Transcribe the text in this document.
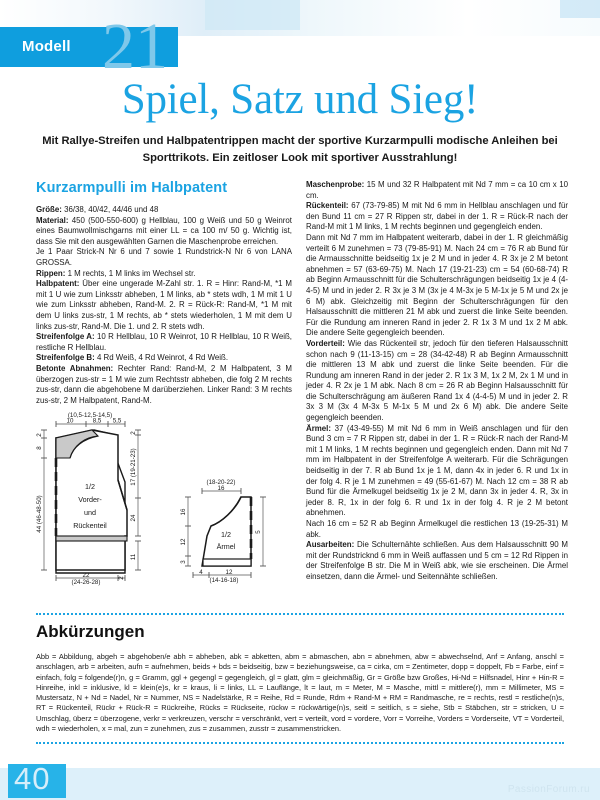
Modell 21
Spiel, Satz und Sieg!
Mit Rallye-Streifen und Halbpatentrippen macht der sportive Kurzarmpulli modische Anleihen bei Sporttrikots. Ein zeitloser Look mit sportiver Ausstrahlung!
Kurzarmpulli im Halbpatent

Größe: 36/38, 40/42, 44/46 und 48

Material: 450 (500-550-600) g Hellblau, 100 g Weiß und 50 g Weinrot eines Baumwollmischgarns mit einer LL = ca 100 m/ 50 g. Wichtig ist, dass Sie mit den ausgewählten Garnen die Maschenprobe erreichen.

Je 1 Paar Strick-N Nr 6 und 7 sowie 1 Rundstrick-N Nr 6 von LANA GROSSA.

Rippen: 1 M rechts, 1 M links im Wechsel str.

Halbpatent: Über eine ungerade M-Zahl str. 1. R = Hinr: Rand-M, *1 M mit 1 U wie zum Linksstr abheben, 1 M links, ab * stets wdh, 1 M mit 1 U wie zum Linksstr abheben, Rand-M. 2. R = Rück-R: Rand-M, *1 M mit dem U links zus-str, 1 M rechts, ab * stets wiederholen, 1 M mit dem U links zus-str, Rand-M. Die 1. und 2. R stets wdh.

Streifenfolge A: 10 R Hellblau, 10 R Weinrot, 10 R Hellblau, 10 R Weiß, restliche R Hellblau.

Streifenfolge B: 4 Rd Weiß, 4 Rd Weinrot, 4 Rd Weiß.

Betonte Abnahmen: Rechter Rand: Rand-M, 2 M Halbpatent, 3 M überzogen zus-str = 1 M wie zum Rechtsstr abheben, die folg 2 M rechts zus-str, dann die abgehobene M darüberziehen. Linker Rand: 3 M rechts zus-str, 2 M Halbpatent, Rand-M.

Maschenprobe: 15 M und 32 R Halbpatent mit Nd 7 mm = ca 10 cm x 10 cm.

Rückenteil: 67 (73-79-85) M mit Nd 6 mm in Hellblau anschlagen und für den Bund 11 cm = 27 R Rippen str, dabei in der 1. R = Rück-R nach der Rand-M mit 1 M links, 1 M rechts beginnen und gegengleich enden.

Dann mit Nd 7 mm im Halbpatent weiterarb, dabei in der 1. R gleichmäßig verteilt 6 M zunehmen = 73 (79-85-91) M. Nach 24 cm = 76 R ab Bund für die Armausschnitte beidseitig 1x je 2 M und in jeder 4. R 3x je 2 M betont abnehmen = 57 (63-69-75) M. Nach 17 (19-21-23) cm = 54 (60-68-74) R ab Beginn Armausschnitt für die Schulterschrägungen beidseitig 1x je 4 (4-4-5) M und in jeder 2. R 3x je 3 M (3x je 4 M-3x je 5 M-1x je 5 M und 2x je 6 M) abk. Gleichzeitig mit Beginn der Schulterschrägungen für den Halsausschnitt die mittleren 21 M abk und zuerst die linke Seite beenden. Für die Rundung am inneren Rand in jeder 2. R 1x 3 M und 1x 2 M abk. Die andere Seite gegengleich beenden.

Vorderteil: Wie das Rückenteil str, jedoch für den tieferen Halsausschnitt schon nach 9 (11-13-15) cm = 28 (34-42-48) R ab Beginn Armausschnitt die mittleren 13 M abk und zuerst die linke Seite beenden. Für die Rundung am inneren Rand in der jeder 2. R 1x 3 M, 1x 2 M, 2x 1 M und in jeder 4. R 2x je 1 M abk. Nach 8 cm = 26 R ab Beginn Halsausschnitt für die Schulterschrägung am äußeren Rand 1x 4 (4-4-5) M und in jeder 2. R 3x 3 M (3x 4 M-3x 5 M-1x 5 M und 2x 6 M) abk. Die andere Seite gegengleich beenden.

Ärmel: 37 (43-49-55) M mit Nd 6 mm in Weiß anschlagen und für den Bund 3 cm = 7 R Rippen str, dabei in der 1. R = Rück-R nach der Rand-M mit 1 M links, 1 M rechts beginnen und gegengleich enden. Dann mit Nd 7 mm im Halbpatent in der Streifenfolge A weiterarb. Für die Schrägungen beidseitig in der 7. R ab Bund 1x je 1 M, dann 4x in jeder 6. R und 1x in der folg 4. R je 1 M zunehmen = 49 (55-61-67) M. Nach 12 cm = 38 R ab Bund für die Ärmelkugel beidseitig 1x je 2 M, dann 3x in jeder 4. R, 3x in jeder 8. R, 1x in der folg 6. R und 1x in der folg 4. R je 2 M betont abnehmen.

Nach 16 cm = 52 R ab Beginn Ärmelkugel die restlichen 13 (19-25-31) M abk.

Ausarbeiten: Die Schulternähte schließen. Aus dem Halsausschnitt 90 M mit der Rundstricknd 6 mm in Weiß auffassen und 5 cm = 12 Rd Rippen in der Streifenfolge B str. Die M in Weiß abk, wie sie erscheinen. Die Ärmel einsetzen, dann die Ärmel- und Seitennähte schließen.

(10,5-12,5-14,5)
10	8,5 5,5
2
8
44 (46-48-50)
2
17 (19-21-23)
24
11
22
(24-26-28)
2
1/2
Vorder-
und
Rückenteil
(18-20-22)
16
16
12
3
5
4	12
(14-16-18)
1/2
Ärmel
Abkürzungen
Abb = Abbildung, abgeh = abgehoben/e abh = abheben, abk = abketten, abm = abmaschen, abn = abnehmen, abw = abwechselnd, Anf = Anfang, anschl = anschlagen, arb = arbeiten, aufn = aufnehmen, beids + bds = beidseitig, bzw = beziehungsweise, ca = cirka, cm = Zentimeter, dopp = doppelt, Fb = Farbe, einf = einfach, folg = folgende(r)n, g = Gramm, ggl + gegengl = gegengleich, gl = glatt, glm = gleichmäßig, Gr = Größe bzw Großes, Hi-Nd = Hilfsnadel, Hinr + Hin-R = Hinreihe, inkl = inklusive, kl = klein(e)s, kr = kraus, li = links, LL = Lauflänge, lt = laut, m = Meter, M = Masche, mittl = mittlere(r), mm = Millimeter, MS = Mustersatz, N + Nd = Nadel, Nr = Nummer, NS = Nadelstärke, R = Reihe, Rd = Runde, Rdm + Rand-M + RM = Randmasche, re = rechts, restl = restliche(n)s, RT = Rückenteil, Rückr + Rück-R = Rückreihe, Rücks = Rückseite, rückw = rückwärtige(n)s, seitl = seitlich, s = siehe, Stb = Stäbchen, str = stricken, U = Umschlag, überz = überzogene, verkr = verkreuzen, verschr = verschränkt, vert = verteilt, vord = vordere, Vorr = Vorreihe, Vorders = Vorderseite, VT = Vorderteil, wdh = wiederholen, x = mal, zun = zunehmen, zus = zusammen, zusstr = zusammenstricken.
40	PassionForum.ru
